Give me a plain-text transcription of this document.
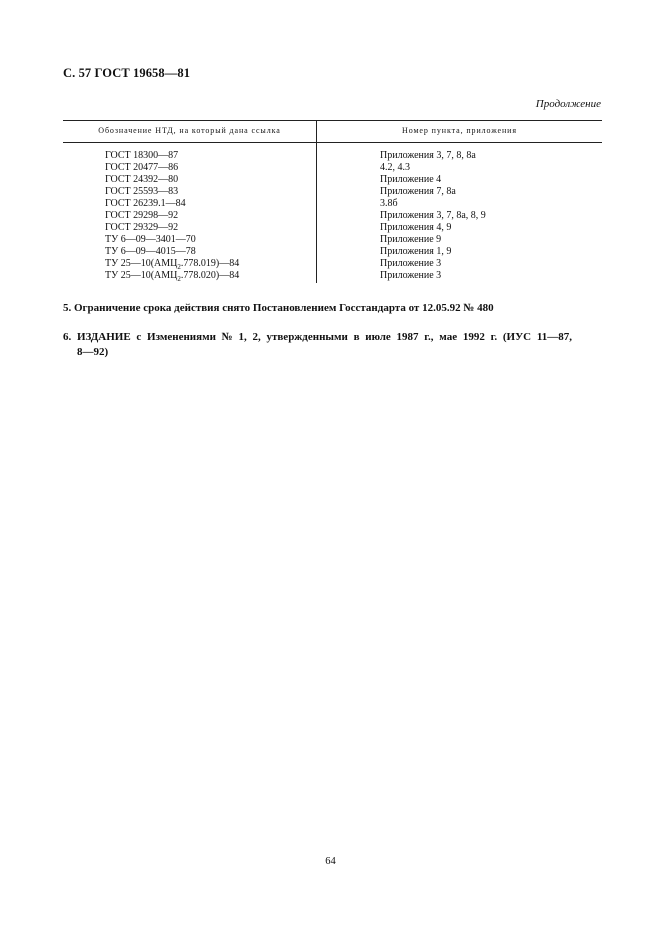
С. 57 ГОСТ 19658—81
Продолжение
Обозначение НТД, на который дана ссылка	Номер пункта, приложения
ГОСТ 18300—87	Приложения 3, 7, 8, 8а
ГОСТ 20477—86	4.2, 4.3
ГОСТ 24392—80	Приложение 4
ГОСТ 25593—83	Приложения 7, 8а
ГОСТ 26239.1—84	3.8б
ГОСТ 29298—92	Приложения 3, 7, 8а, 8, 9
ГОСТ 29329—92	Приложения 4, 9
ТУ 6—09—3401—70	Приложение 9
ТУ 6—09—4015—78	Приложения 1, 9
ТУ $25—10(АМЦ_2.778.019)—84$	Приложение 3
ТУ $25—10(АМЦ_2.778.020)—84$	Приложение 3
5. Ограничение срока действия снято Постановлением Госстандарта от 12.05.92 № 480
6. ИЗДАНИЕ с Изменениями № 1, 2, утвержденными в июле 1987 г., мае 1992 г. (ИУС 11—87,
8—92)
64
